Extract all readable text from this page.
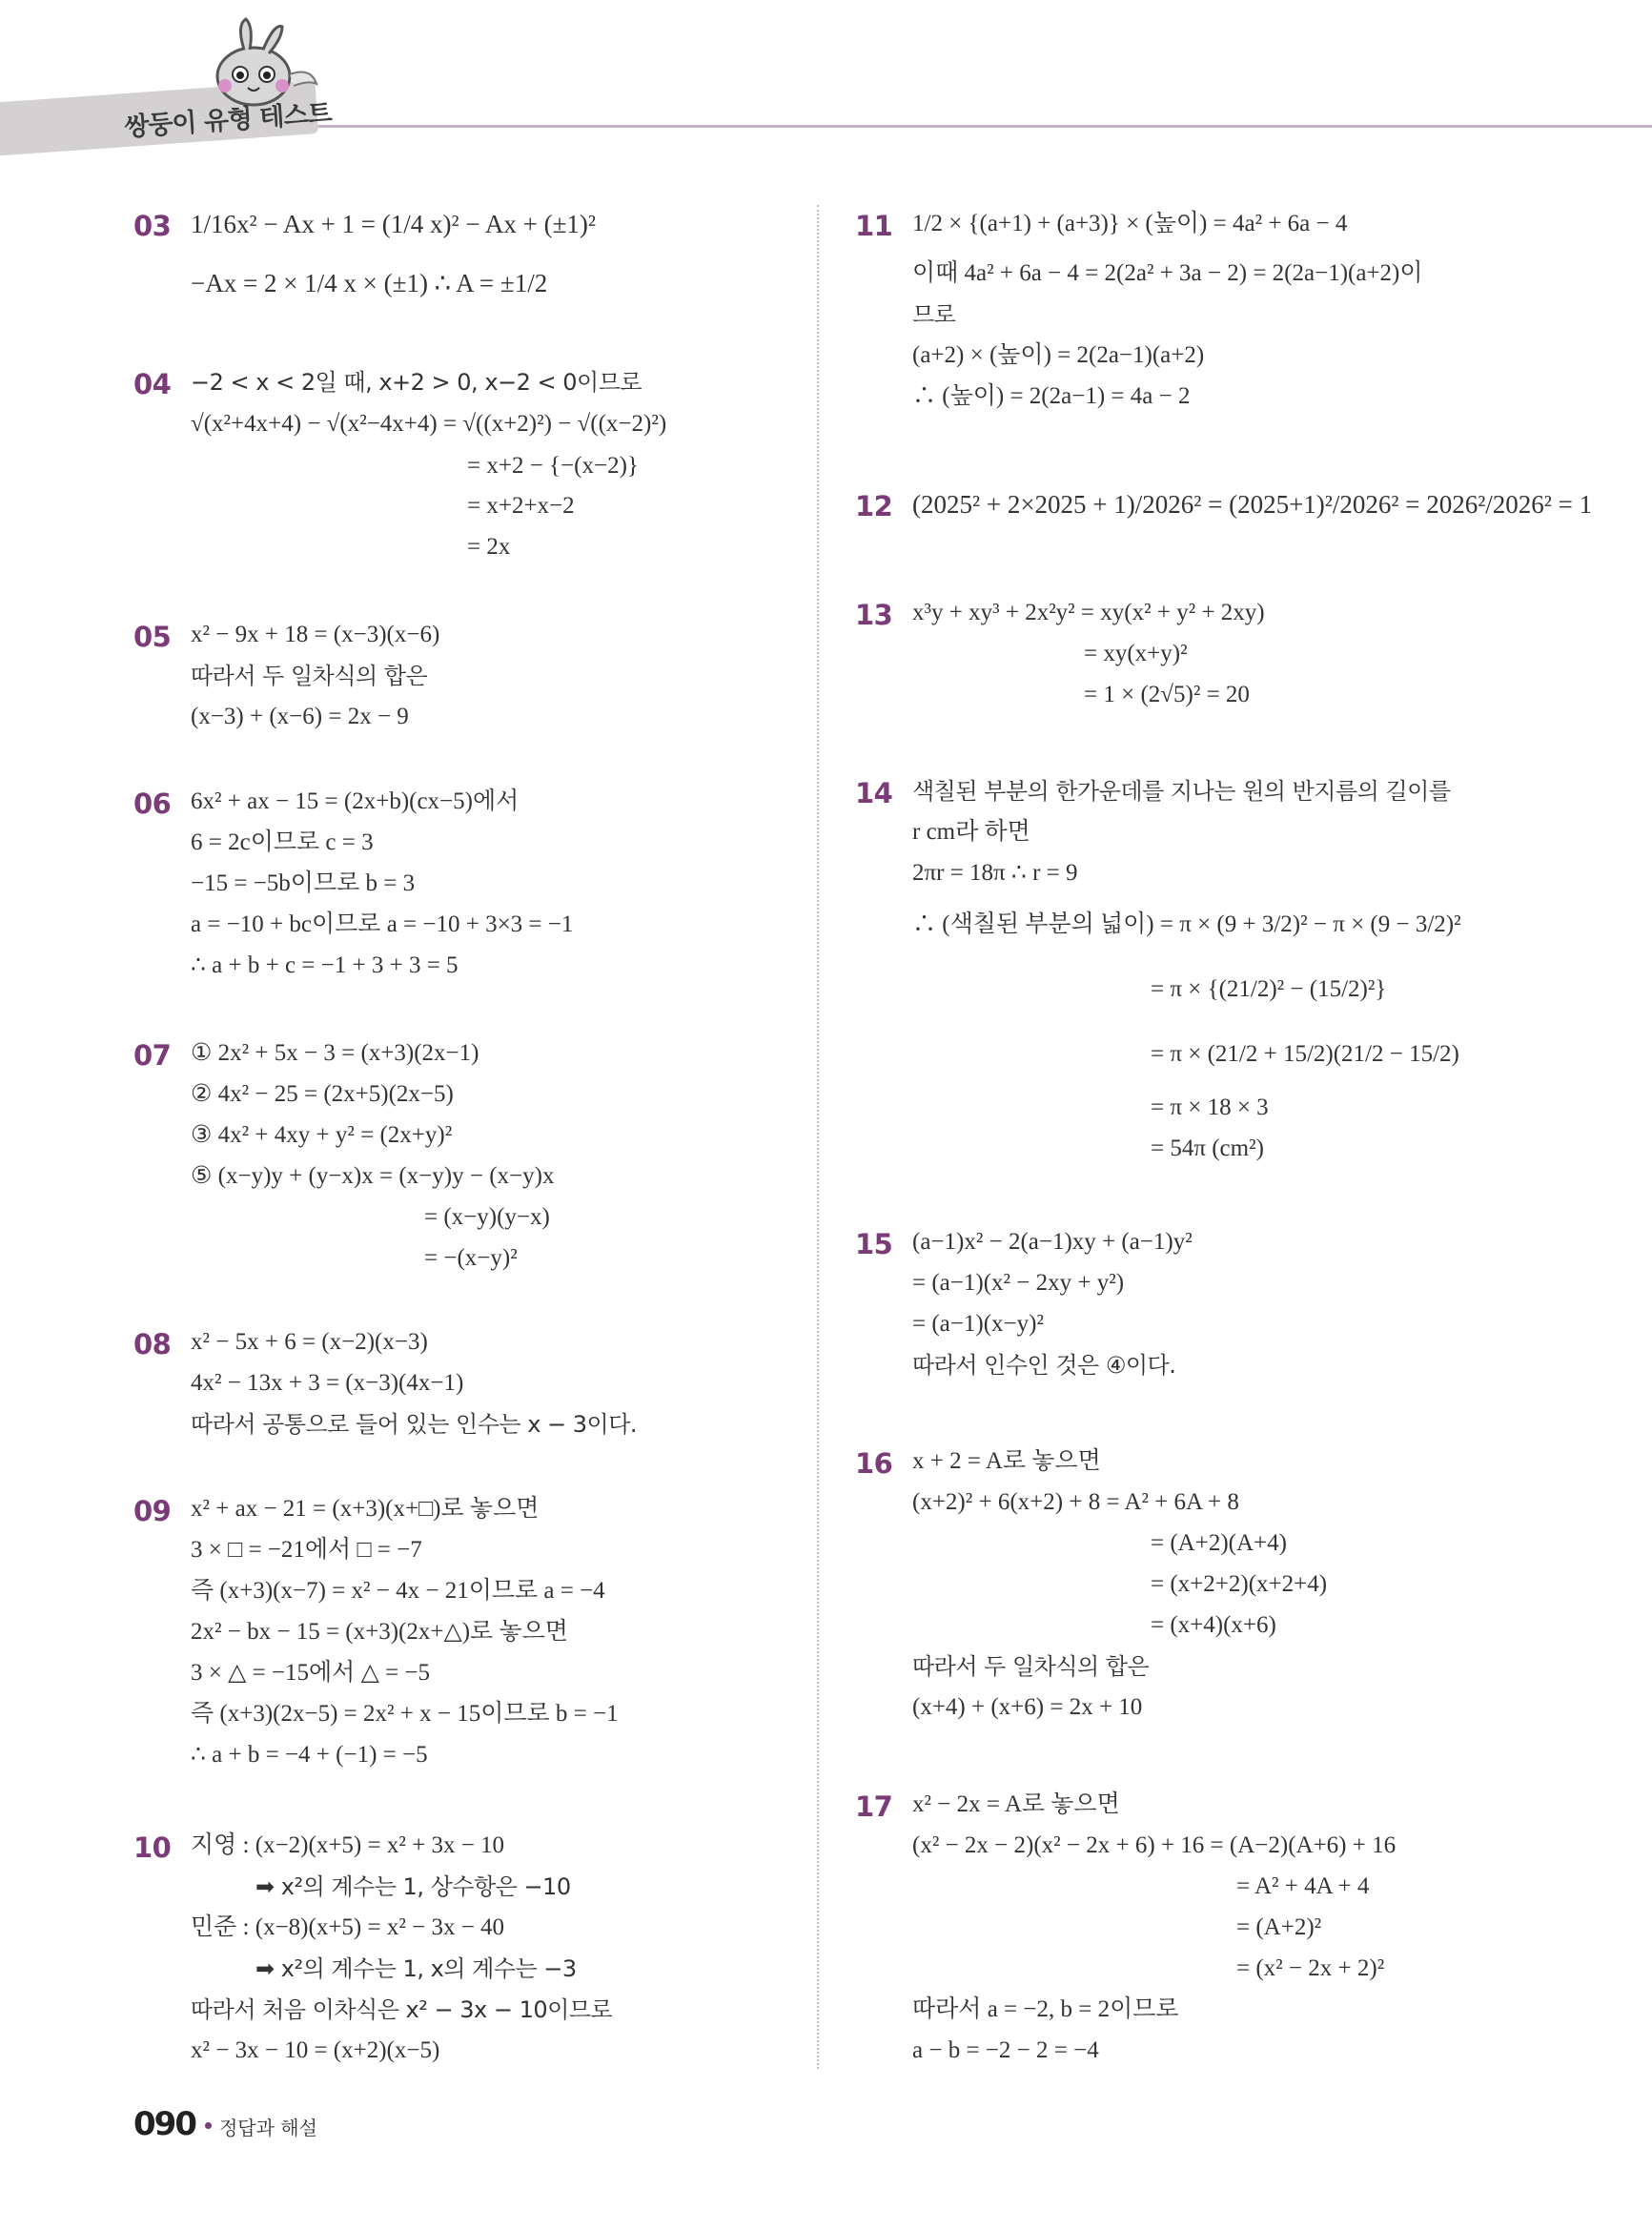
쌍둥이 유형 테스트
03 1/16x² − Ax + 1 = (1/4 x)² − Ax + (±1)²
−Ax = 2 × 1/4 x × (±1) ∴ A = ±1/2
04 −2 < x < 2일 때, x+2 > 0, x−2 < 0이므로
√(x²+4x+4) − √(x²−4x+4) = √((x+2)²) − √((x−2)²)
= x+2 − {−(x−2)}
= x+2+x−2
= 2x
05 x² − 9x + 18 = (x−3)(x−6)
따라서 두 일차식의 합은
(x−3) + (x−6) = 2x − 9
06 6x² + ax − 15 = (2x+b)(cx−5)에서
6 = 2c이므로 c = 3
−15 = −5b이므로 b = 3
a = −10 + bc이므로 a = −10 + 3×3 = −1
∴ a + b + c = −1 + 3 + 3 = 5
07 ① 2x² + 5x − 3 = (x+3)(2x−1)
② 4x² − 25 = (2x+5)(2x−5)
③ 4x² + 4xy + y² = (2x+y)²
⑤ (x−y)y + (y−x)x = (x−y)y − (x−y)x
= (x−y)(y−x)
= −(x−y)²
08 x² − 5x + 6 = (x−2)(x−3)
4x² − 13x + 3 = (x−3)(4x−1)
따라서 공통으로 들어 있는 인수는 x − 3이다.
09 x² + ax − 21 = (x+3)(x+□)로 놓으면
3 × □ = −21에서 □ = −7
즉 (x+3)(x−7) = x² − 4x − 21이므로 a = −4
2x² − bx − 15 = (x+3)(2x+△)로 놓으면
3 × △ = −15에서 △ = −5
즉 (x+3)(2x−5) = 2x² + x − 15이므로 b = −1
∴ a + b = −4 + (−1) = −5
10 지영 : (x−2)(x+5) = x² + 3x − 10
➡ x²의 계수는 1, 상수항은 −10
민준 : (x−8)(x+5) = x² − 3x − 40
➡ x²의 계수는 1, x의 계수는 −3
따라서 처음 이차식은 x² − 3x − 10이므로
x² − 3x − 10 = (x+2)(x−5)
11 1/2 × {(a+1) + (a+3)} × (높이) = 4a² + 6a − 4
이때 4a² + 6a − 4 = 2(2a² + 3a − 2) = 2(2a−1)(a+2)이
므로
(a+2) × (높이) = 2(2a−1)(a+2)
∴ (높이) = 2(2a−1) = 4a − 2
12 (2025² + 2×2025 + 1)/2026² = (2025+1)²/2026² = 2026²/2026² = 1
13 x³y + xy³ + 2x²y² = xy(x² + y² + 2xy)
= xy(x+y)²
= 1 × (2√5)² = 20
14 색칠된 부분의 한가운데를 지나는 원의 반지름의 길이를
r cm라 하면
2πr = 18π ∴ r = 9
∴ (색칠된 부분의 넓이) = π × (9 + 3/2)² − π × (9 − 3/2)²
= π × {(21/2)² − (15/2)²}
= π × (21/2 + 15/2)(21/2 − 15/2)
= π × 18 × 3
= 54π (cm²)
15 (a−1)x² − 2(a−1)xy + (a−1)y²
= (a−1)(x² − 2xy + y²)
= (a−1)(x−y)²
따라서 인수인 것은 ④이다.
16 x + 2 = A로 놓으면
(x+2)² + 6(x+2) + 8 = A² + 6A + 8
= (A+2)(A+4)
= (x+2+2)(x+2+4)
= (x+4)(x+6)
따라서 두 일차식의 합은
(x+4) + (x+6) = 2x + 10
17 x² − 2x = A로 놓으면
(x² − 2x − 2)(x² − 2x + 6) + 16 = (A−2)(A+6) + 16
= A² + 4A + 4
= (A+2)²
= (x² − 2x + 2)²
따라서 a = −2, b = 2이므로
a − b = −2 − 2 = −4
090 정답과 해설
